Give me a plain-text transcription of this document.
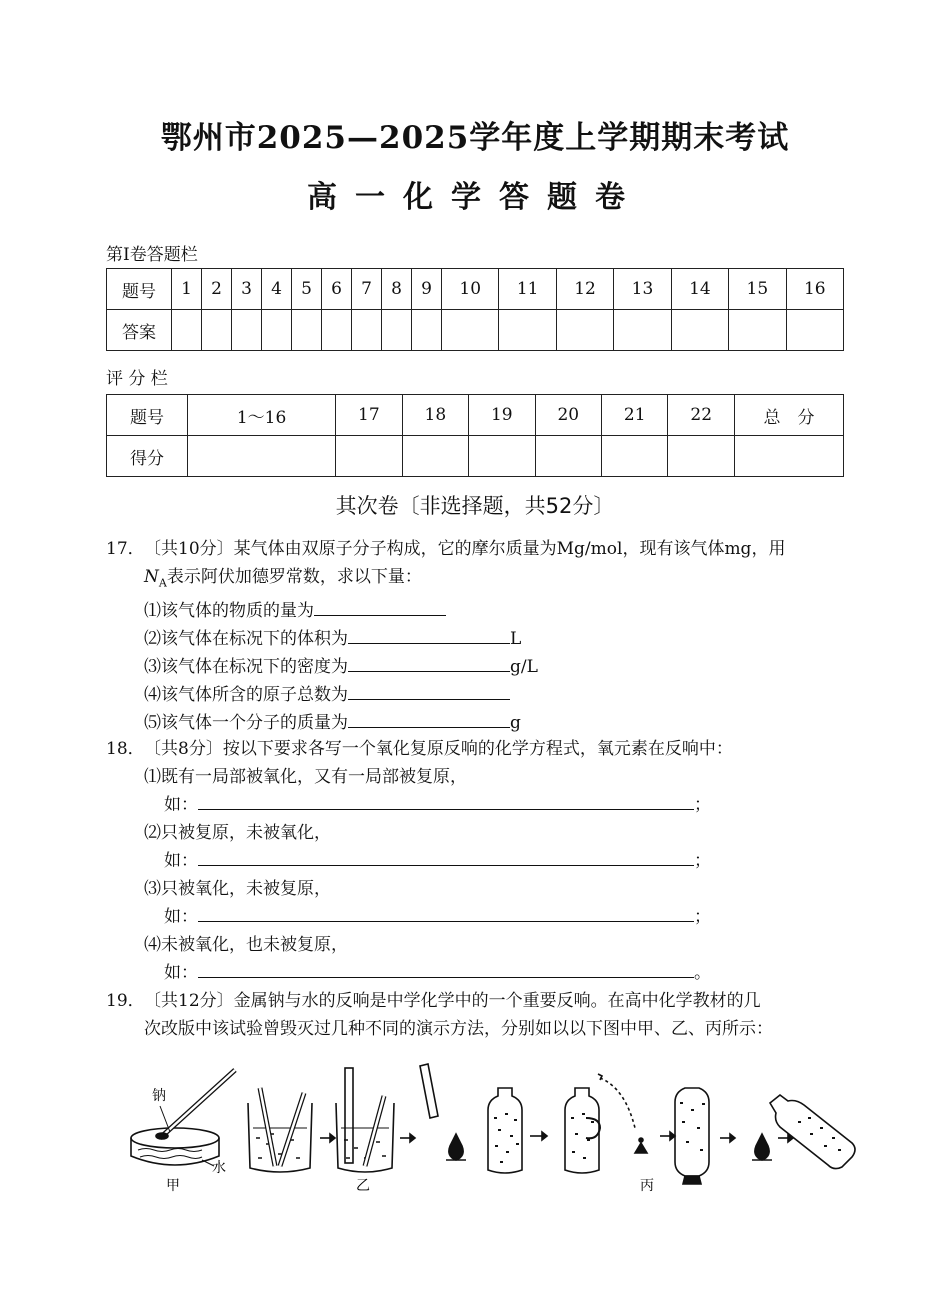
鄂州市2025—2025学年度上学期期末考试
高一化学答题卷
第Ⅰ卷答题栏
题号	1	2	3	4	5	6	7	8	9	10	11	12	13	14	15	16
答案																
评 分 栏
题号	1～16	17	18	19	20	21	22	总　分
得分								
其次卷〔非选择题，共52分〕
17．〔共10分〕某气体由双原子分子构成，它的摩尔质量为Mg/mol，现有该气体mg，用
$N_A$表示阿伏加德罗常数，求以下量：
⑴该气体的物质的量为
⑵该气体在标况下的体积为	L
⑶该气体在标况下的密度为	g/L
⑷该气体所含的原子总数为
⑸该气体一个分子的质量为	g
18．〔共8分〕按以下要求各写一个氧化复原反响的化学方程式，氧元素在反响中：
⑴既有一局部被氧化，又有一局部被复原，
如：	；
⑵只被复原，未被氧化，
如：	；
⑶只被氧化，未被复原，
如：	；
⑷未被氧化，也未被复原，
如：	。
19．〔共12分〕金属钠与水的反响是中学化学中的一个重要反响。在高中化学教材的几
次改版中该试验曾毁灭过几种不同的演示方法，分别如以以下图中甲、乙、丙所示：
钠
水
甲	乙	丙
